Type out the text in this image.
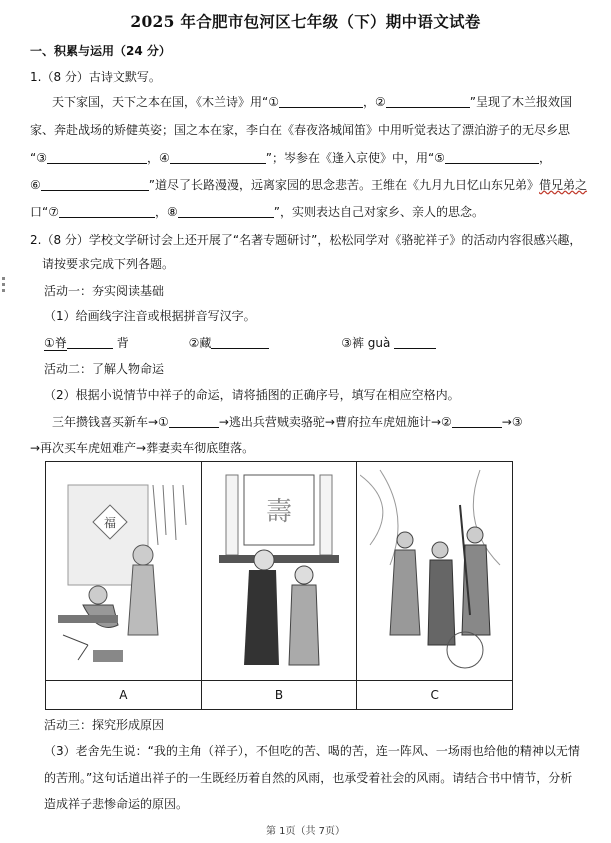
2025 年合肥市包河区七年级（下）期中语文试卷
一、积累与运用（24 分）
1.（8 分）古诗文默写。
天下家国，天下之本在国，《木兰诗》用“①	，②	”呈现了木兰报效国
家、奔赴战场的矫健英姿；国之本在家，李白在《春夜洛城闻笛》中用听觉表达了漂泊游子的无尽乡思
“③	，④	”；岑参在《逢入京使》中，用“⑤	，
⑥	”道尽了长路漫漫，远离家园的思念悲苦。王维在《九月九日忆山东兄弟》借兄弟之
口“⑦	，⑧	”，实则表达自己对家乡、亲人的思念。
2.（8 分）学校文学研讨会上还开展了“名著专题研讨”，松松同学对《骆驼祥子》的活动内容很感兴趣，
请按要求完成下列各题。
活动一：夯实阅读基础
（1）给画线字注音或根据拼音写汉字。
①脊	背	②藏	③裤 guà
活动二：了解人物命运
（2）根据小说情节中祥子的命运，请将插图的正确序号，填写在相应空格内。
三年攒钱喜买新车→①	→逃出兵营贼卖骆驼→曹府拉车虎妞施计→②	→③
→再次买车虎妞难产→葬妻卖车彻底堕落。
福	壽

A	B	C
活动三：探究形成原因
（3）老舍先生说：“我的主角（祥子），不但吃的苦、喝的苦，连一阵风、一场雨也给他的精神以无情
的苦刑。”这句话道出祥子的一生既经历着自然的风雨，也承受着社会的风雨。请结合书中情节，分析
造成祥子悲惨命运的原因。
第 1页（共 7页）
